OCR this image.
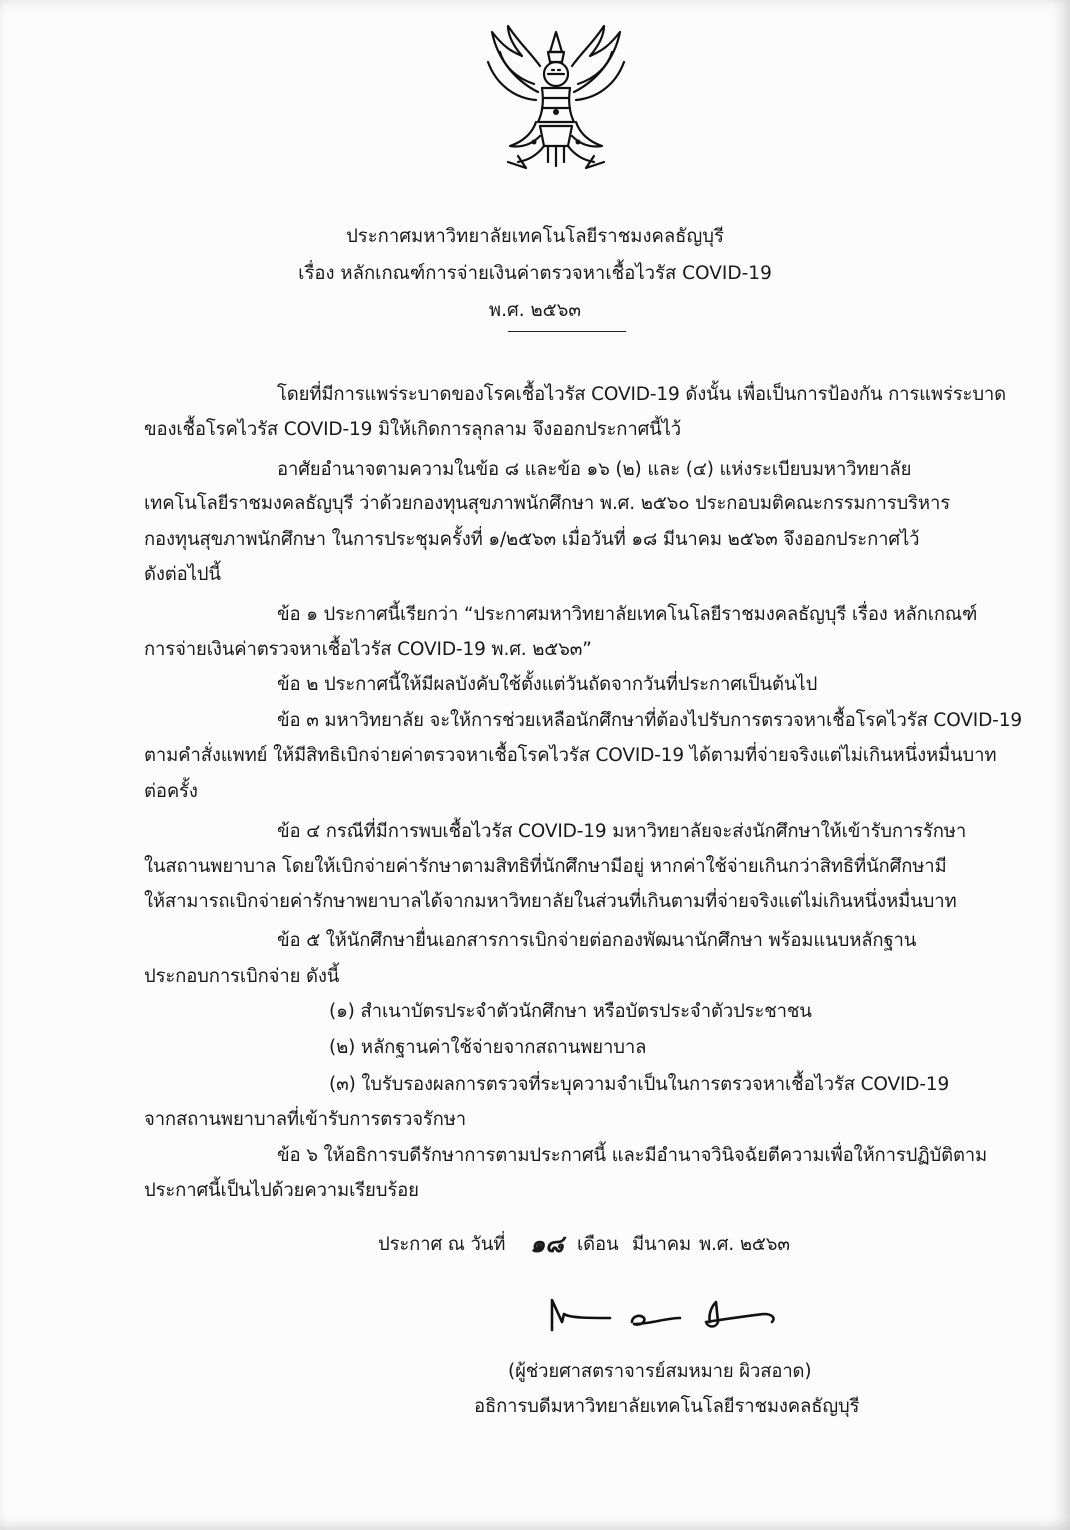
ประกาศมหาวิทยาลัยเทคโนโลยีราชมงคลธัญบุรี
เรื่อง หลักเกณฑ์การจ่ายเงินค่าตรวจหาเชื้อไวรัส COVID-19
พ.ศ. ๒๕๖๓
โดยที่มีการแพร่ระบาดของโรคเชื้อไวรัส COVID-19 ดังนั้น เพื่อเป็นการป้องกัน การแพร่ระบาด
ของเชื้อโรคไวรัส COVID-19 มิให้เกิดการลุกลาม จึงออกประกาศนี้ไว้
อาศัยอำนาจตามความในข้อ ๘ และข้อ ๑๖ (๒) และ (๔) แห่งระเบียบมหาวิทยาลัย
เทคโนโลยีราชมงคลธัญบุรี ว่าด้วยกองทุนสุขภาพนักศึกษา พ.ศ. ๒๕๖๐ ประกอบมติคณะกรรมการบริหาร
กองทุนสุขภาพนักศึกษา ในการประชุมครั้งที่ ๑/๒๕๖๓ เมื่อวันที่ ๑๘ มีนาคม ๒๕๖๓ จึงออกประกาศไว้
ดังต่อไปนี้
ข้อ ๑ ประกาศนี้เรียกว่า “ประกาศมหาวิทยาลัยเทคโนโลยีราชมงคลธัญบุรี เรื่อง หลักเกณฑ์
การจ่ายเงินค่าตรวจหาเชื้อไวรัส COVID-19 พ.ศ. ๒๕๖๓”
ข้อ ๒ ประกาศนี้ให้มีผลบังคับใช้ตั้งแต่วันถัดจากวันที่ประกาศเป็นต้นไป
ข้อ ๓ มหาวิทยาลัย จะให้การช่วยเหลือนักศึกษาที่ต้องไปรับการตรวจหาเชื้อโรคไวรัส COVID-19
ตามคำสั่งแพทย์ ให้มีสิทธิเบิกจ่ายค่าตรวจหาเชื้อโรคไวรัส COVID-19 ได้ตามที่จ่ายจริงแต่ไม่เกินหนึ่งหมื่นบาท
ต่อครั้ง
ข้อ ๔ กรณีที่มีการพบเชื้อไวรัส COVID-19 มหาวิทยาลัยจะส่งนักศึกษาให้เข้ารับการรักษา
ในสถานพยาบาล โดยให้เบิกจ่ายค่ารักษาตามสิทธิที่นักศึกษามีอยู่ หากค่าใช้จ่ายเกินกว่าสิทธิที่นักศึกษามี
ให้สามารถเบิกจ่ายค่ารักษาพยาบาลได้จากมหาวิทยาลัยในส่วนที่เกินตามที่จ่ายจริงแต่ไม่เกินหนึ่งหมื่นบาท
ข้อ ๕ ให้นักศึกษายื่นเอกสารการเบิกจ่ายต่อกองพัฒนานักศึกษา พร้อมแนบหลักฐาน
ประกอบการเบิกจ่าย ดังนี้
(๑) สำเนาบัตรประจำตัวนักศึกษา หรือบัตรประจำตัวประชาชน
(๒) หลักฐานค่าใช้จ่ายจากสถานพยาบาล
(๓) ใบรับรองผลการตรวจที่ระบุความจำเป็นในการตรวจหาเชื้อไวรัส COVID-19
จากสถานพยาบาลที่เข้ารับการตรวจรักษา
ข้อ ๖ ให้อธิการบดีรักษาการตามประกาศนี้ และมีอำนาจวินิจฉัยตีความเพื่อให้การปฏิบัติตาม
ประกาศนี้เป็นไปด้วยความเรียบร้อย
ประกาศ ณ วันที่ ๑๘ เดือน มีนาคม พ.ศ. ๒๕๖๓
(ผู้ช่วยศาสตราจารย์สมหมาย ผิวสอาด)
อธิการบดีมหาวิทยาลัยเทคโนโลยีราชมงคลธัญบุรี
